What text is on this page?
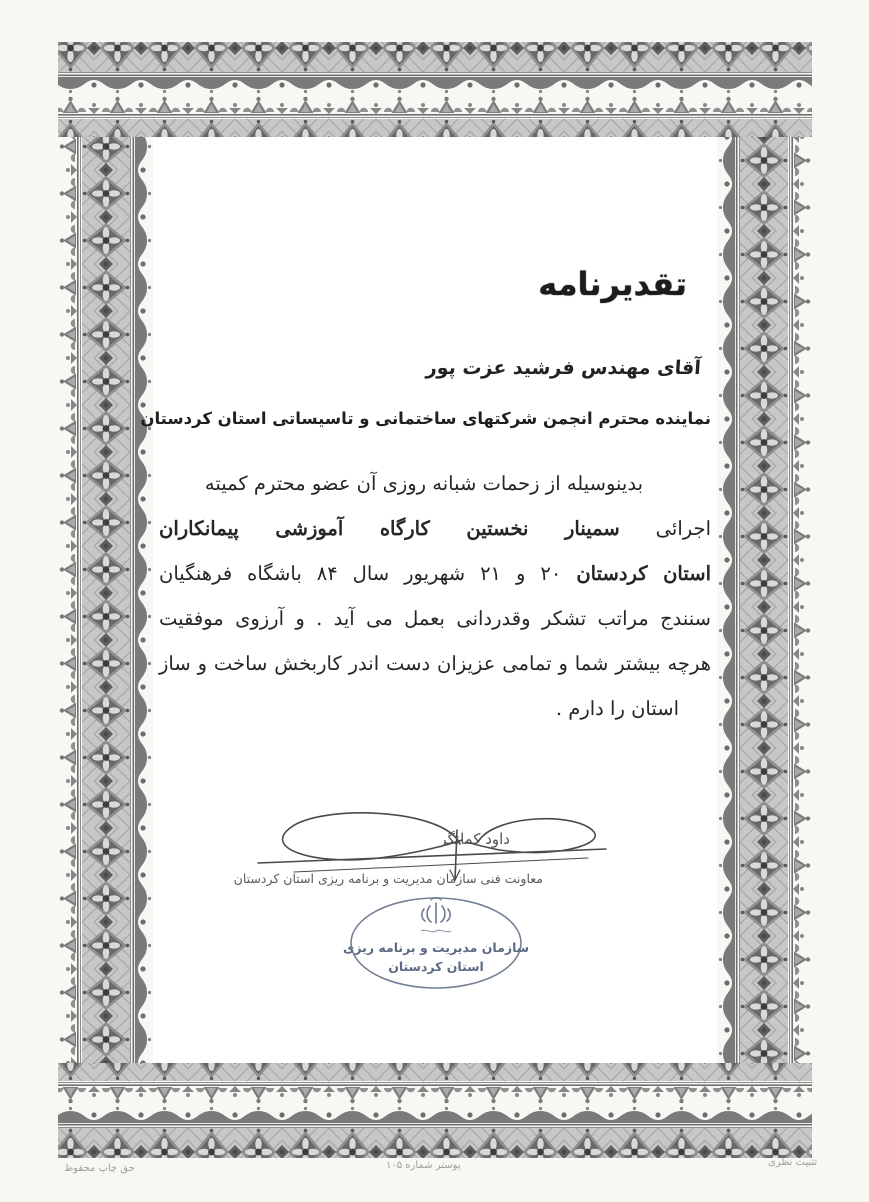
تقدیرنامه
آقای مهندس فرشید عزت پور
نماینده محترم انجمن شرکتهای ساختمانی و تاسیساتی استان کردستان
بدینوسیله از زحمات شبانه روزی آن عضو محترم کمیته
اجرائی سمینار نخستین کارگاه آموزشی پیمانکاران
استان کردستان ۲۰ و ۲۱ شهریور سال ۸۴ باشگاه فرهنگیان
سنندج مراتب تشکر وقدردانی بعمل می آید . و آرزوی موفقیت
هرچه بیشتر شما و تمامی عزیزان دست اندر کاربخش ساخت و ساز
استان را دارم .
داود کمانگر
معاونت فنی سازمان مدیریت و برنامه ریزی استان کردستان
سازمان مدیریت و برنامه ریزی
استان کردستان
حق چاپ محفوظ	پوستر شماره ۱۰۵	تثبیت نظری
